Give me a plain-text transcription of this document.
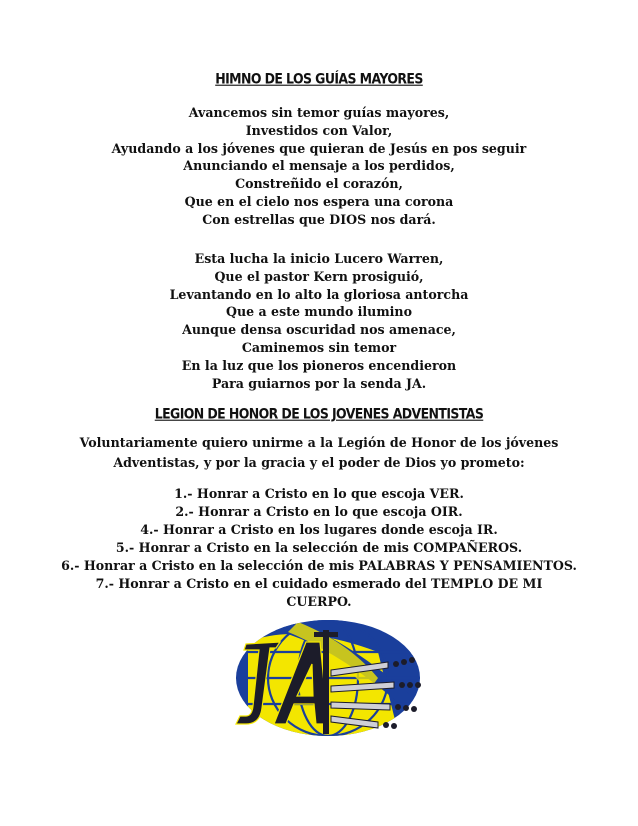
HIMNO DE LOS GUÍAS MAYORES
Avancemos sin temor guías mayores,
Investidos con Valor,
Ayudando a los jóvenes que quieran de Jesús en pos seguir
Anunciando el mensaje a los perdidos,
Constreñido el corazón,
Que en el cielo nos espera una corona
Con estrellas que DIOS nos dará.
Esta lucha la inicio Lucero Warren,
Que el pastor Kern prosiguió,
Levantando en lo alto la gloriosa antorcha
Que a este mundo ilumino
Aunque densa oscuridad nos amenace,
Caminemos sin temor
En la luz que los pioneros encendieron
Para guiarnos por la senda JA.
LEGION DE HONOR DE LOS JOVENES ADVENTISTAS
Voluntariamente quiero unirme a la Legión de Honor de los jóvenes
Adventistas, y por la gracia y el poder de Dios yo prometo:
1.- Honrar a Cristo en lo que escoja VER.
2.- Honrar a Cristo en lo que escoja OIR.
4.- Honrar a Cristo en los lugares donde escoja IR.
5.- Honrar a Cristo en la selección de mis COMPAÑEROS.
6.- Honrar a Cristo en la selección de mis PALABRAS Y PENSAMIENTOS.
7.- Honrar a Cristo en el cuidado esmerado del TEMPLO DE MI
CUERPO.
